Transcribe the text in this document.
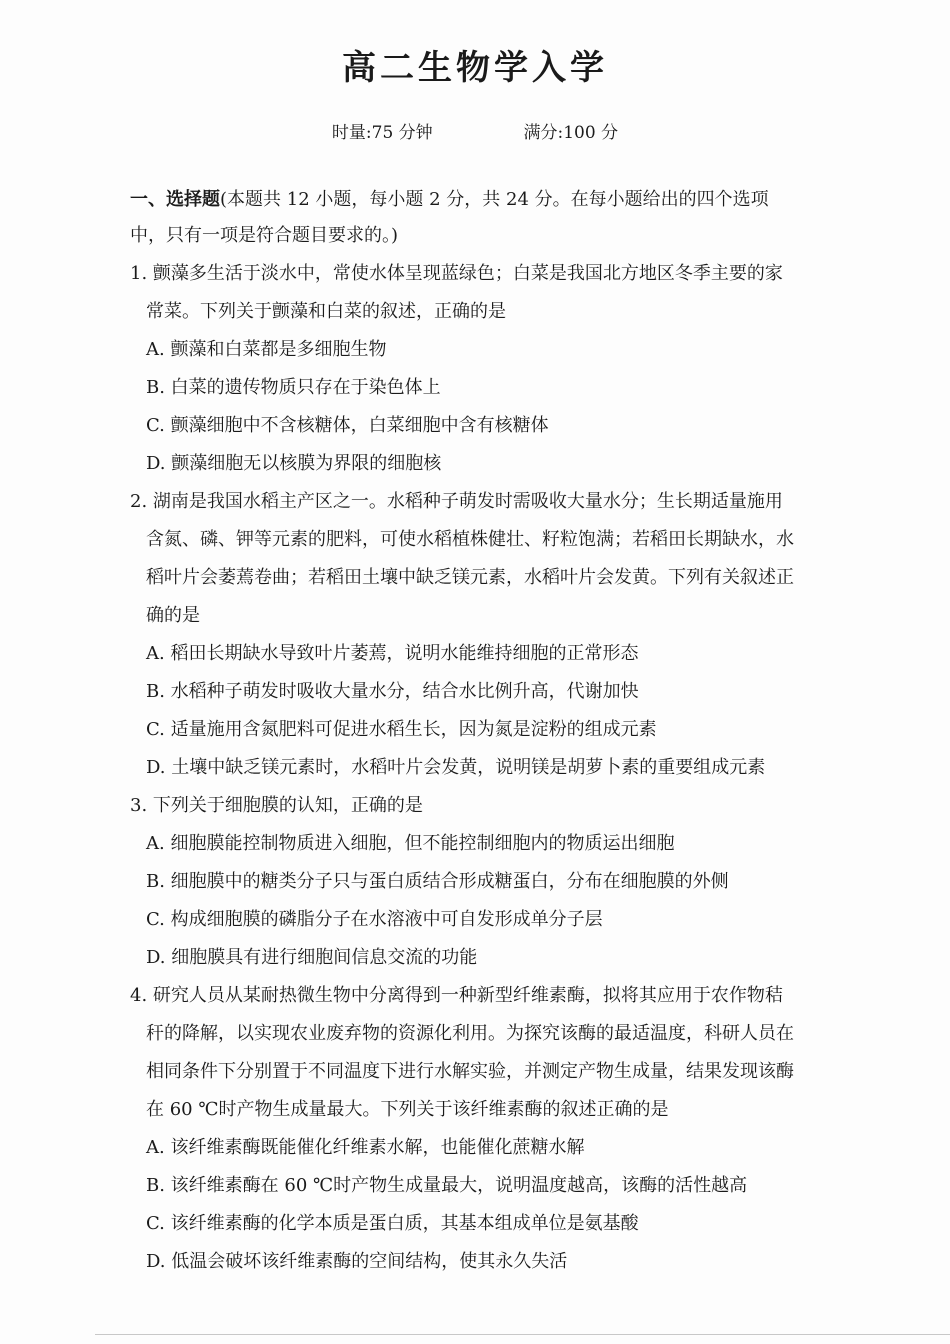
高二生物学入学
时量:75 分钟	满分:100 分
一、选择题(本题共 12 小题，每小题 2 分，共 24 分。在每小题给出的四个选项中，只有一项是符合题目要求的。)
1. 颤藻多生活于淡水中，常使水体呈现蓝绿色；白菜是我国北方地区冬季主要的家常菜。下列关于颤藻和白菜的叙述，正确的是
A. 颤藻和白菜都是多细胞生物
B. 白菜的遗传物质只存在于染色体上
C. 颤藻细胞中不含核糖体，白菜细胞中含有核糖体
D. 颤藻细胞无以核膜为界限的细胞核
2. 湖南是我国水稻主产区之一。水稻种子萌发时需吸收大量水分；生长期适量施用含氮、磷、钾等元素的肥料，可使水稻植株健壮、籽粒饱满；若稻田长期缺水，水稻叶片会萎蔫卷曲；若稻田土壤中缺乏镁元素，水稻叶片会发黄。下列有关叙述正确的是
A. 稻田长期缺水导致叶片萎蔫，说明水能维持细胞的正常形态
B. 水稻种子萌发时吸收大量水分，结合水比例升高，代谢加快
C. 适量施用含氮肥料可促进水稻生长，因为氮是淀粉的组成元素
D. 土壤中缺乏镁元素时，水稻叶片会发黄，说明镁是胡萝卜素的重要组成元素
3. 下列关于细胞膜的认知，正确的是
A. 细胞膜能控制物质进入细胞，但不能控制细胞内的物质运出细胞
B. 细胞膜中的糖类分子只与蛋白质结合形成糖蛋白，分布在细胞膜的外侧
C. 构成细胞膜的磷脂分子在水溶液中可自发形成单分子层
D. 细胞膜具有进行细胞间信息交流的功能
4. 研究人员从某耐热微生物中分离得到一种新型纤维素酶，拟将其应用于农作物秸秆的降解，以实现农业废弃物的资源化利用。为探究该酶的最适温度，科研人员在相同条件下分别置于不同温度下进行水解实验，并测定产物生成量，结果发现该酶在 60 ℃时产物生成量最大。下列关于该纤维素酶的叙述正确的是
A. 该纤维素酶既能催化纤维素水解，也能催化蔗糖水解
B. 该纤维素酶在 60 ℃时产物生成量最大，说明温度越高，该酶的活性越高
C. 该纤维素酶的化学本质是蛋白质，其基本组成单位是氨基酸
D. 低温会破坏该纤维素酶的空间结构，使其永久失活
